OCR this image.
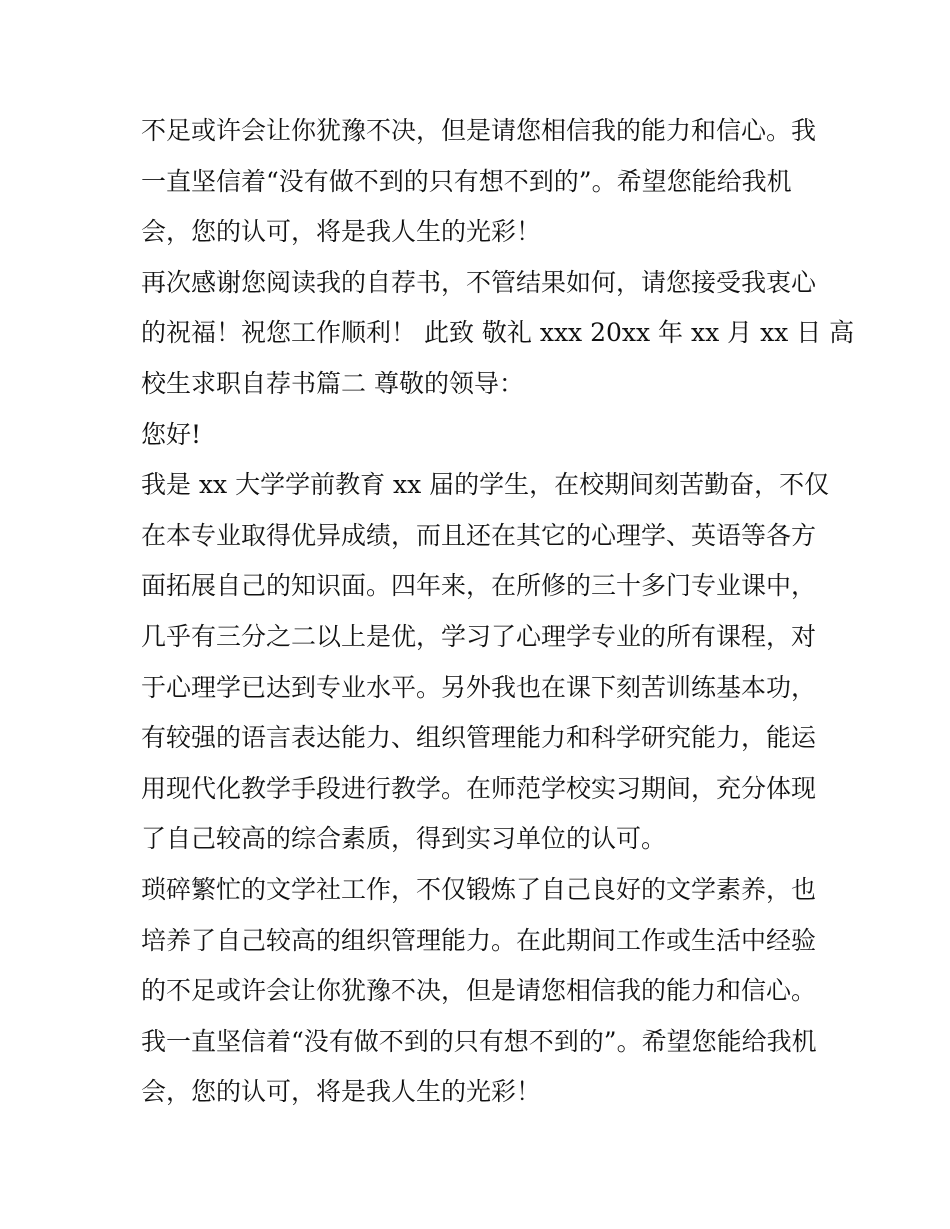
不足或许会让你犹豫不决，但是请您相信我的能力和信心。我
一直坚信着“没有做不到的只有想不到的”。希望您能给我机
会，您的认可，将是我人生的光彩！
再次感谢您阅读我的自荐书，不管结果如何，请您接受我衷心
的祝福！祝您工作顺利！ 此致 敬礼 xxx 20xx 年 xx 月 xx 日 高
校生求职自荐书篇二 尊敬的领导：
您好!
我是 xx 大学学前教育 xx 届的学生，在校期间刻苦勤奋，不仅
在本专业取得优异成绩，而且还在其它的心理学、英语等各方
面拓展自己的知识面。四年来，在所修的三十多门专业课中，
几乎有三分之二以上是优，学习了心理学专业的所有课程，对
于心理学已达到专业水平。另外我也在课下刻苦训练基本功，
有较强的语言表达能力、组织管理能力和科学研究能力，能运
用现代化教学手段进行教学。在师范学校实习期间，充分体现
了自己较高的综合素质，得到实习单位的认可。
琐碎繁忙的文学社工作，不仅锻炼了自己良好的文学素养，也
培养了自己较高的组织管理能力。在此期间工作或生活中经验
的不足或许会让你犹豫不决，但是请您相信我的能力和信心。
我一直坚信着“没有做不到的只有想不到的”。希望您能给我机
会，您的认可，将是我人生的光彩！
